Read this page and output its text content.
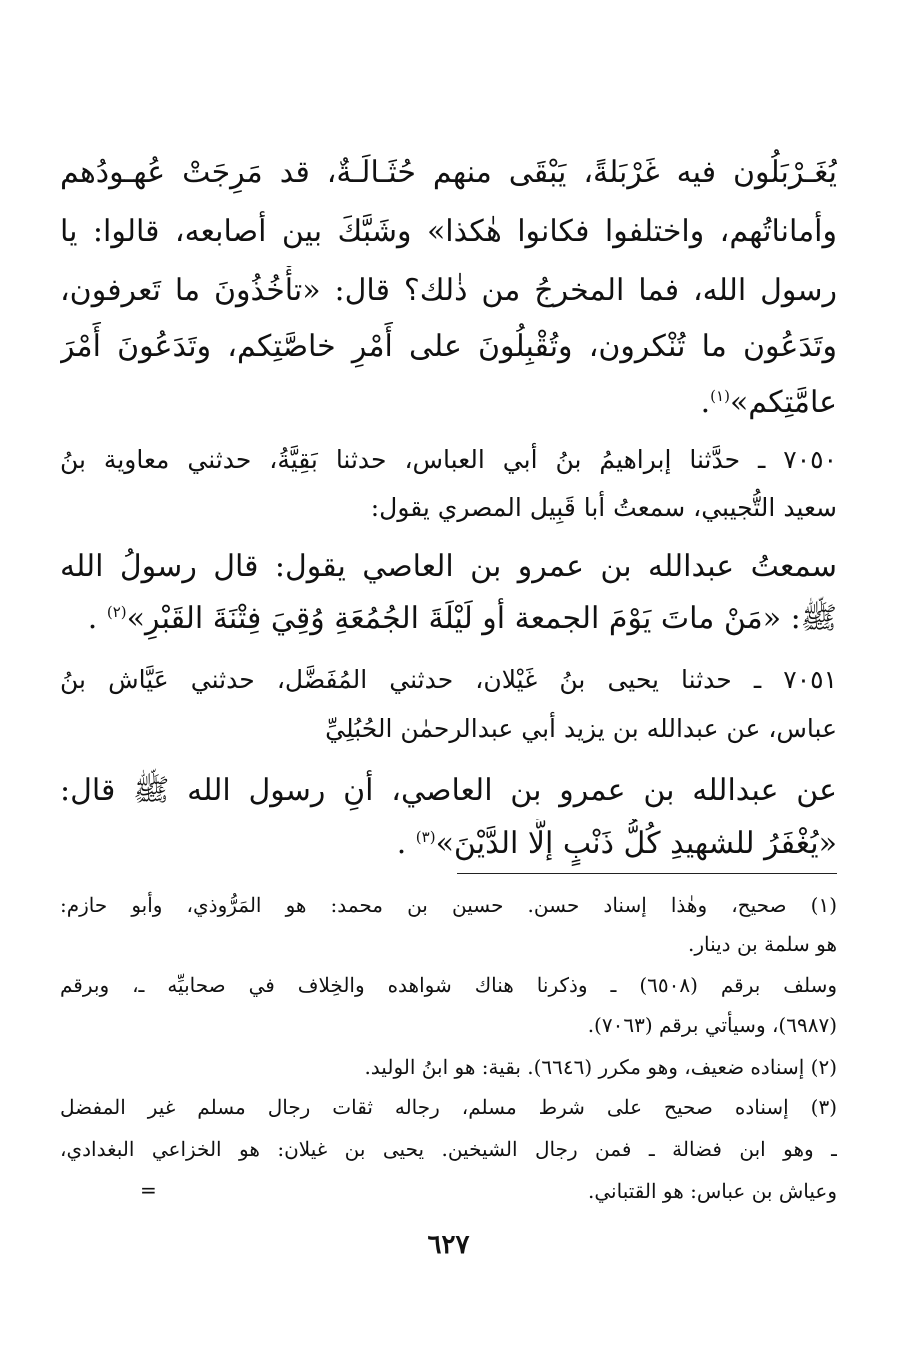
يُغَـرْبَلُون فيه غَرْبَلةً، يَبْقَى منهم حُثَـالَـةٌ، قد مَرِجَتْ عُهـودُهم
وأماناتُهم، واختلفوا فكانوا هٰكذا» وشَبَّكَ بين أصابعه، قالوا: يا
رسول الله، فما المخرجُ من ذٰلك؟ قال: «تأْخُذُونَ ما تَعرفون،
وتَدَعُون ما تُنْكرون، وتُقْبِلُونَ على أَمْرِ خاصَّتِكم، وتَدَعُونَ أَمْرَ
عامَّتِكم»$^{(١)}$.
٧٠٥٠ ـ حدَّثنا إبراهيمُ بنُ أبي العباس، حدثنا بَقِيَّةُ، حدثني معاوية بنُ
سعيد التُّجيبي، سمعتُ أبا قَبِيل المصري يقول:
سمعتُ عبدالله بن عمرو بن العاصي يقول: قال رسولُ الله
ﷺ: «مَنْ ماتَ يَوْمَ الجمعة أو لَيْلَةَ الجُمُعَةِ وُقِيَ فِتْنَةَ القَبْرِ»$^{(٢)}$ .
٧٠٥١ ـ حدثنا يحيى بنُ غَيْلان، حدثني المُفَضَّل، حدثني عَيَّاش بنُ
عباس، عن عبدالله بن يزيد أبي عبدالرحمٰن الحُبُلِيِّ
عن عبدالله بن عمرو بن العاصي، أنِ رسول الله ﷺ قال:
«يُغْفَرُ للشهيدِ كُلُّ ذَنْبٍ إلَّا الدَّيْنَ»$^{(٣)}$ .
(١) صحيح، وهٰذا إسناد حسن. حسين بن محمد: هو المَرُّوذي، وأبو حازم:
هو سلمة بن دينار.
وسلف برقم (٦٥٠٨) ـ وذكرنا هناك شواهده والخِلاف في صحابيِّه ـ، وبرقم
(٦٩٨٧)، وسيأتي برقم (٧٠٦٣).
(٢) إسناده ضعيف، وهو مكرر (٦٦٤٦). بقية: هو ابنُ الوليد.
(٣) إسناده صحيح على شرط مسلم، رجاله ثقات رجال مسلم غير المفضل
ـ وهو ابن فضالة ـ فمن رجال الشيخين. يحيى بن غيلان: هو الخزاعي البغدادي،
وعياش بن عباس: هو القتباني.
=
٦٢٧
